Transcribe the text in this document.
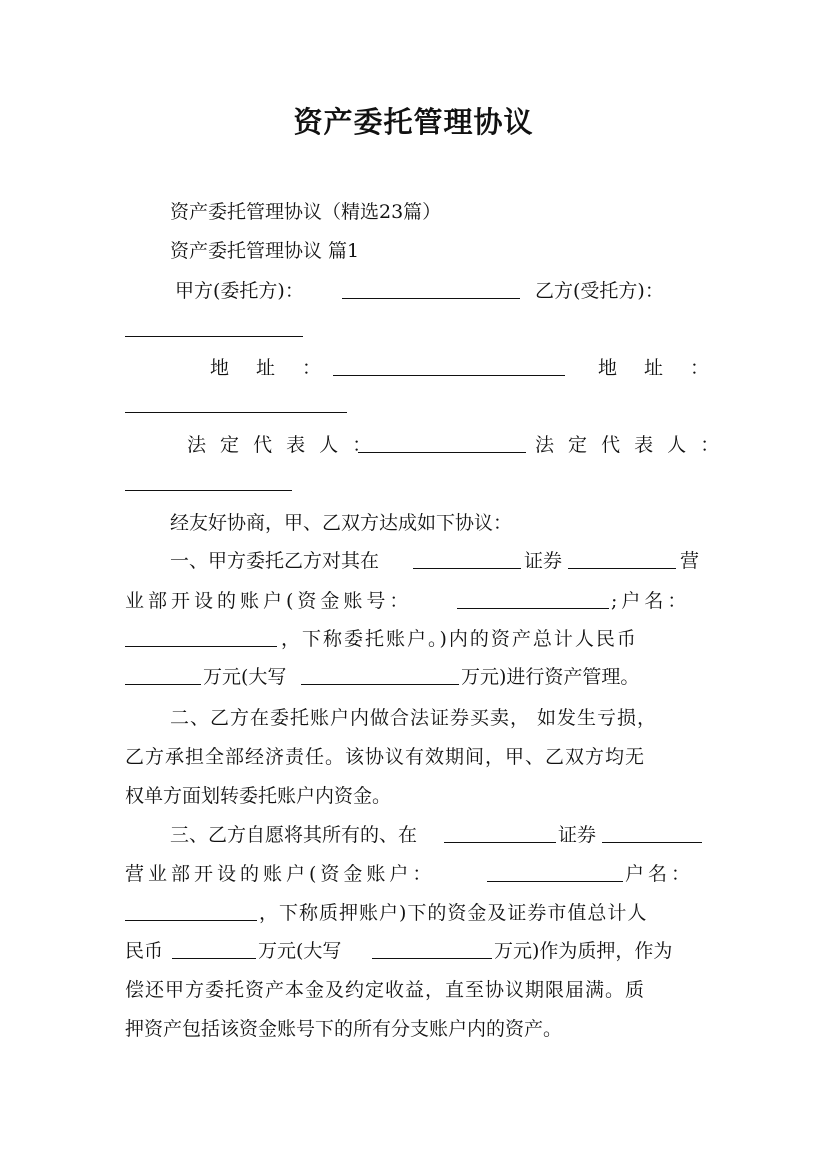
资产委托管理协议
资产委托管理协议（精选23篇）
资产委托管理协议 篇1
甲方(委托方)：	乙方(受托方)：
地　址　：	地　址　：
法 定 代 表 人 ：	法 定 代 表 人 ：
经友好协商，甲、乙双方达成如下协议：
一、甲方委托乙方对其在	证券	营
业部开设的账户(资金账号：	;户名：
，下称委托账户。)内的资产总计人民币
万元(大写	万元)进行资产管理。
二、乙方在委托账户内做合法证券买卖， 如发生亏损，
乙方承担全部经济责任。该协议有效期间，甲、乙双方均无
权单方面划转委托账户内资金。
三、乙方自愿将其所有的、在	证券
营业部开设的账户(资金账户：	户名：
，下称质押账户)下的资金及证券市值总计人
民币	万元(大写	万元)作为质押，作为
偿还甲方委托资产本金及约定收益，直至协议期限届满。质
押资产包括该资金账号下的所有分支账户内的资产。
